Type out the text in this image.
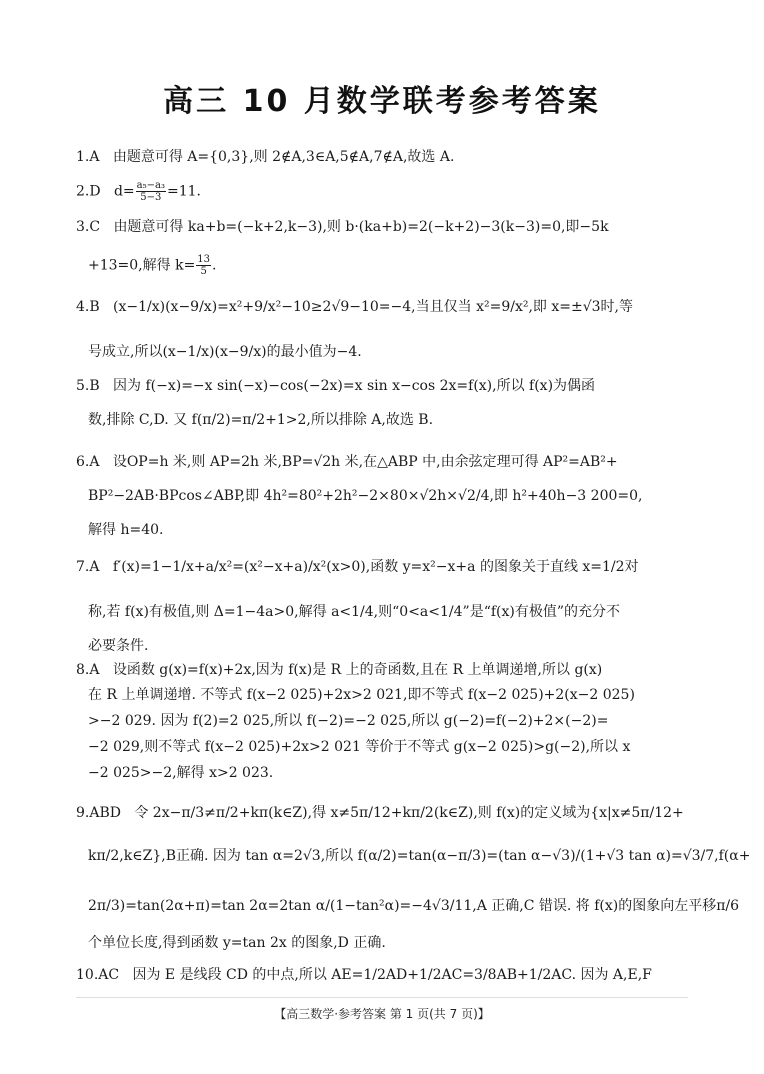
高三 10 月数学联考参考答案
1.A 由题意可得 A={0,3},则 2∉A,3∈A,5∉A,7∉A,故选 A.
2.D $d= \frac{\text{a₅−a₃}}{5-3} =11$.
3.C 由题意可得 ka+b=(−k+2,k−3),则 b·(ka+b)=2(−k+2)−3(k−3)=0,即−5k
+13=0,解得 $k= \frac{13}{5}$ .
4.B (x−1/x)(x−9/x)=x²+9/x²−10≥2√9−10=−4,当且仅当 x²=9/x²,即 x=±√3时,等
号成立,所以(x−1/x)(x−9/x)的最小值为−4.
5.B 因为 f(−x)=−x sin(−x)−cos(−2x)=x sin x−cos 2x=f(x),所以 f(x)为偶函
数,排除 C,D. 又 f(π/2)=π/2+1>2,所以排除 A,故选 B.
6.A 设OP=h 米,则 AP=2h 米,BP=√2h 米,在△ABP 中,由余弦定理可得 AP²=AB²+
BP²−2AB·BPcos∠ABP,即 4h²=80²+2h²−2×80×√2h×√2/4,即 h²+40h−3 200=0,
解得 h=40.
7.A f′(x)=1−1/x+a/x²=(x²−x+a)/x²(x>0),函数 y=x²−x+a 的图象关于直线 x=1/2对
称,若 f(x)有极值,则 Δ=1−4a>0,解得 a<1/4,则“0<a<1/4”是“f(x)有极值”的充分不
必要条件.
8.A 设函数 g(x)=f(x)+2x,因为 f(x)是 R 上的奇函数,且在 R 上单调递增,所以 g(x)
在 R 上单调递增. 不等式 f(x−2 025)+2x>2 021,即不等式 f(x−2 025)+2(x−2 025)
>−2 029. 因为 f(2)=2 025,所以 f(−2)=−2 025,所以 g(−2)=f(−2)+2×(−2)=
−2 029,则不等式 f(x−2 025)+2x>2 021 等价于不等式 g(x−2 025)>g(−2),所以 x
−2 025>−2,解得 x>2 023.
9.ABD 令 2x−π/3≠π/2+kπ(k∈Z),得 x≠5π/12+kπ/2(k∈Z),则 f(x)的定义域为{x|x≠5π/12+
kπ/2,k∈Z},B正确. 因为 tan α=2√3,所以 f(α/2)=tan(α−π/3)=(tan α−√3)/(1+√3 tan α)=√3/7,f(α+
2π/3)=tan(2α+π)=tan 2α=2tan α/(1−tan²α)=−4√3/11,A 正确,C 错误. 将 f(x)的图象向左平移π/6
个单位长度,得到函数 y=tan 2x 的图象,D 正确.
10.AC 因为 E 是线段 CD 的中点,所以 AE=1/2AD+1/2AC=3/8AB+1/2AC. 因为 A,E,F
【高三数学·参考答案 第 1 页(共 7 页)】
